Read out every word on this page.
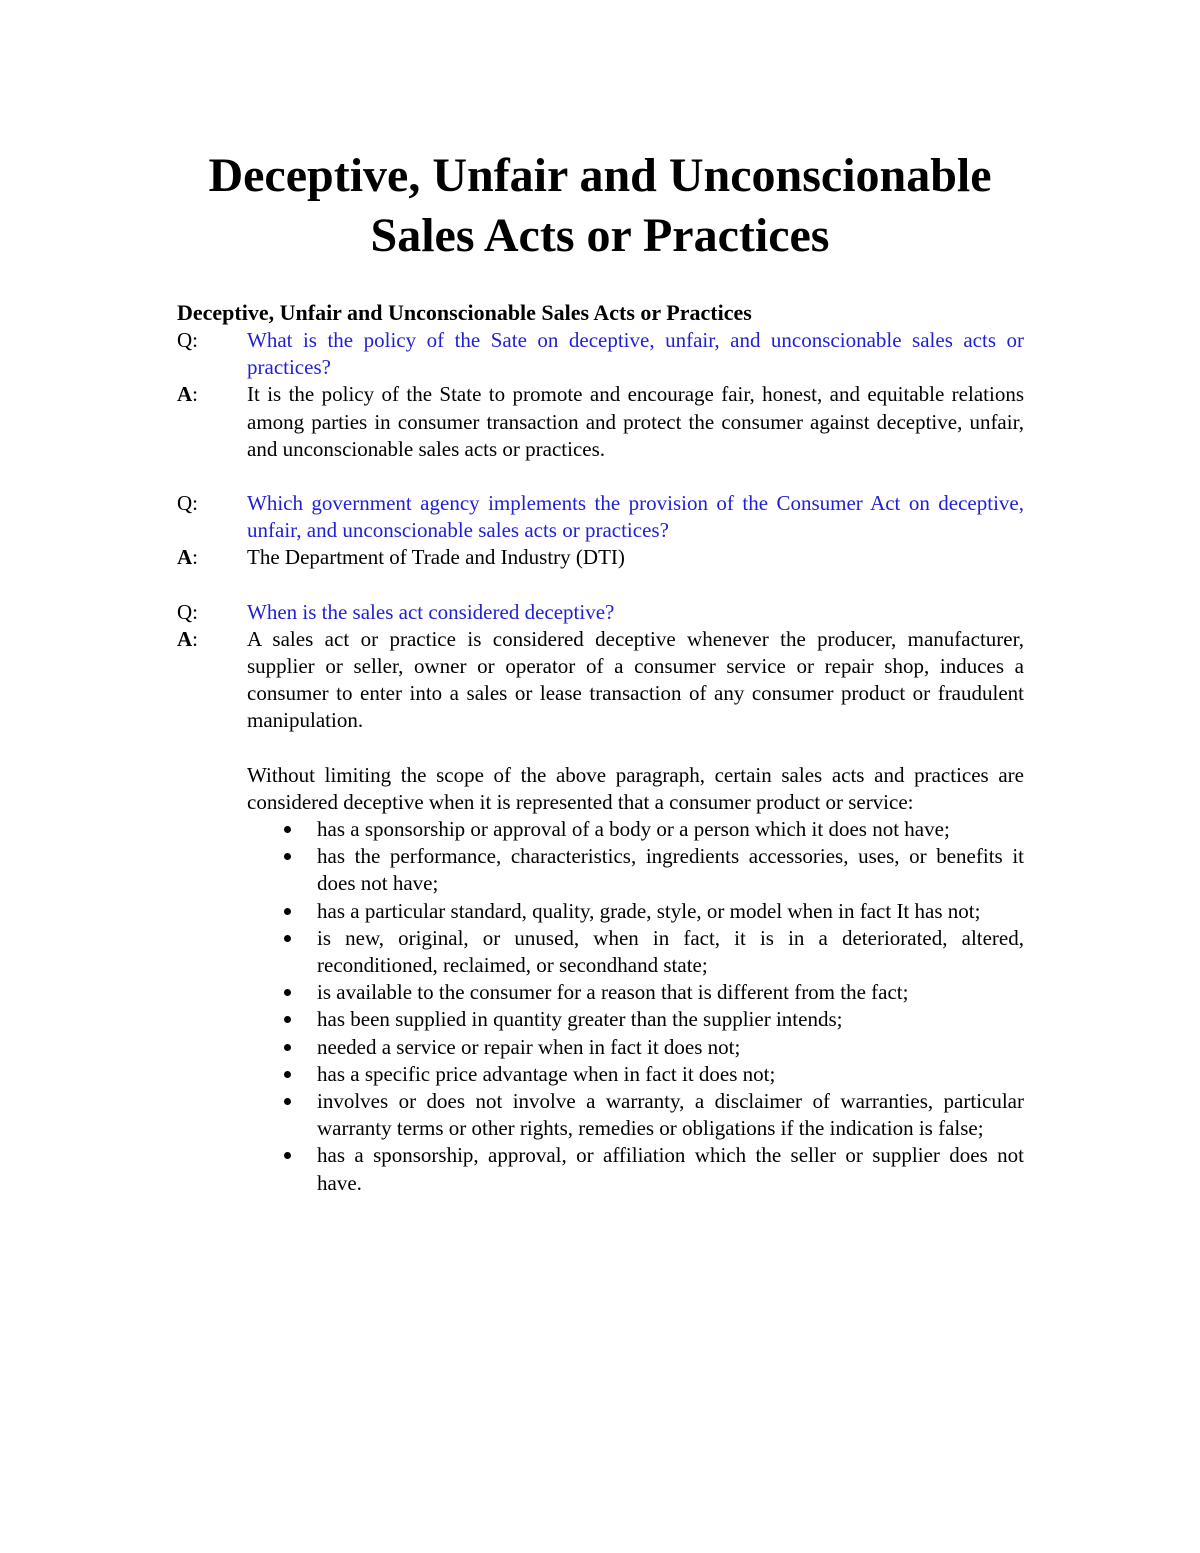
Deceptive, Unfair and Unconscionable
Sales Acts or Practices

Deceptive, Unfair and Unconscionable Sales Acts or Practices

Q:	What is the policy of the Sate on deceptive, unfair, and unconscionable sales acts or practices?
A:	It is the policy of the State to promote and encourage fair, honest, and equitable relations among parties in consumer transaction and protect the consumer against deceptive, unfair, and unconscionable sales acts or practices.
Q:	Which government agency implements the provision of the Consumer Act on deceptive, unfair, and unconscionable sales acts or practices?
A:	The Department of Trade and Industry (DTI)
Q:	When is the sales act considered deceptive?
A:	A sales act or practice is considered deceptive whenever the producer, manufacturer, supplier or seller, owner or operator of a consumer service or repair shop, induces a consumer to enter into a sales or lease transaction of any consumer product or fraudulent manipulation.

Without limiting the scope of the above paragraph, certain sales acts and practices are considered deceptive when it is represented that a consumer product or service:

has a sponsorship or approval of a body or a person which it does not have;
has the performance, characteristics, ingredients accessories, uses, or benefits it does not have;
has a particular standard, quality, grade, style, or model when in fact It has not;
is new, original, or unused, when in fact, it is in a deteriorated, altered, reconditioned, reclaimed, or secondhand state;
is available to the consumer for a reason that is different from the fact;
has been supplied in quantity greater than the supplier intends;
needed a service or repair when in fact it does not;
has a specific price advantage when in fact it does not;
involves or does not involve a warranty, a disclaimer of warranties, particular warranty terms or other rights, remedies or obligations if the indication is false;
has a sponsorship, approval, or affiliation which the seller or supplier does not have.
